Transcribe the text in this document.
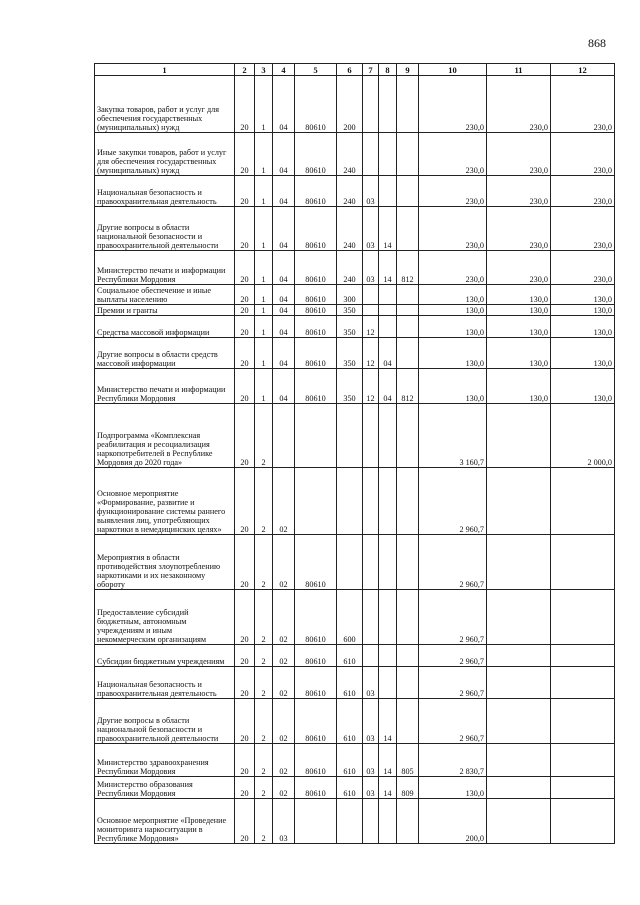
868
1	2	3	4	5	6	7	8	9	10	11	12
Закупка товаров, работ и услуг для обеспечения государственных (муниципальных) нужд	20	1	04	80610	200				230,0	230,0	230,0
Иные закупки товаров, работ и услуг для обеспечения государственных (муниципальных) нужд	20	1	04	80610	240				230,0	230,0	230,0
Национальная безопасность и правоохранительная деятельность	20	1	04	80610	240	03			230,0	230,0	230,0
Другие вопросы в области национальной безопасности и правоохранительной деятельности	20	1	04	80610	240	03	14		230,0	230,0	230,0
Министерство печати и информации Республики Мордовия	20	1	04	80610	240	03	14	812	230,0	230,0	230,0
Социальное обеспечение и иные выплаты населению	20	1	04	80610	300				130,0	130,0	130,0
Премии и гранты	20	1	04	80610	350				130,0	130,0	130,0
Средства массовой информации	20	1	04	80610	350	12			130,0	130,0	130,0
Другие вопросы в области средств массовой информации	20	1	04	80610	350	12	04		130,0	130,0	130,0
Министерство печати и информации Республики Мордовия	20	1	04	80610	350	12	04	812	130,0	130,0	130,0
Подпрограмма «Комплексная реабилитация и ресоциализация наркопотребителей в Республике Мордовия до 2020 года»	20	2							3 160,7		2 000,0
Основное мероприятие «Формирование, развитие и функционирование системы раннего выявления лиц, употребляющих наркотики в немедицинских целях»	20	2	02						2 960,7		
Мероприятия в области противодействия злоупотреблению наркотиками и их незаконному обороту	20	2	02	80610					2 960,7		
Предоставление субсидий бюджетным, автономным учреждениям и иным некоммерческим организациям	20	2	02	80610	600				2 960,7		
Субсидии бюджетным учреждениям	20	2	02	80610	610				2 960,7		
Национальная безопасность и правоохранительная деятельность	20	2	02	80610	610	03			2 960,7		
Другие вопросы в области национальной безопасности и правоохранительной деятельности	20	2	02	80610	610	03	14		2 960,7		
Министерство здравоохранения Республики Мордовия	20	2	02	80610	610	03	14	805	2 830,7		
Министерство образования Республики Мордовия	20	2	02	80610	610	03	14	809	130,0		
Основное мероприятие «Проведение мониторинга наркоситуации в Республике Мордовия»	20	2	03						200,0		
